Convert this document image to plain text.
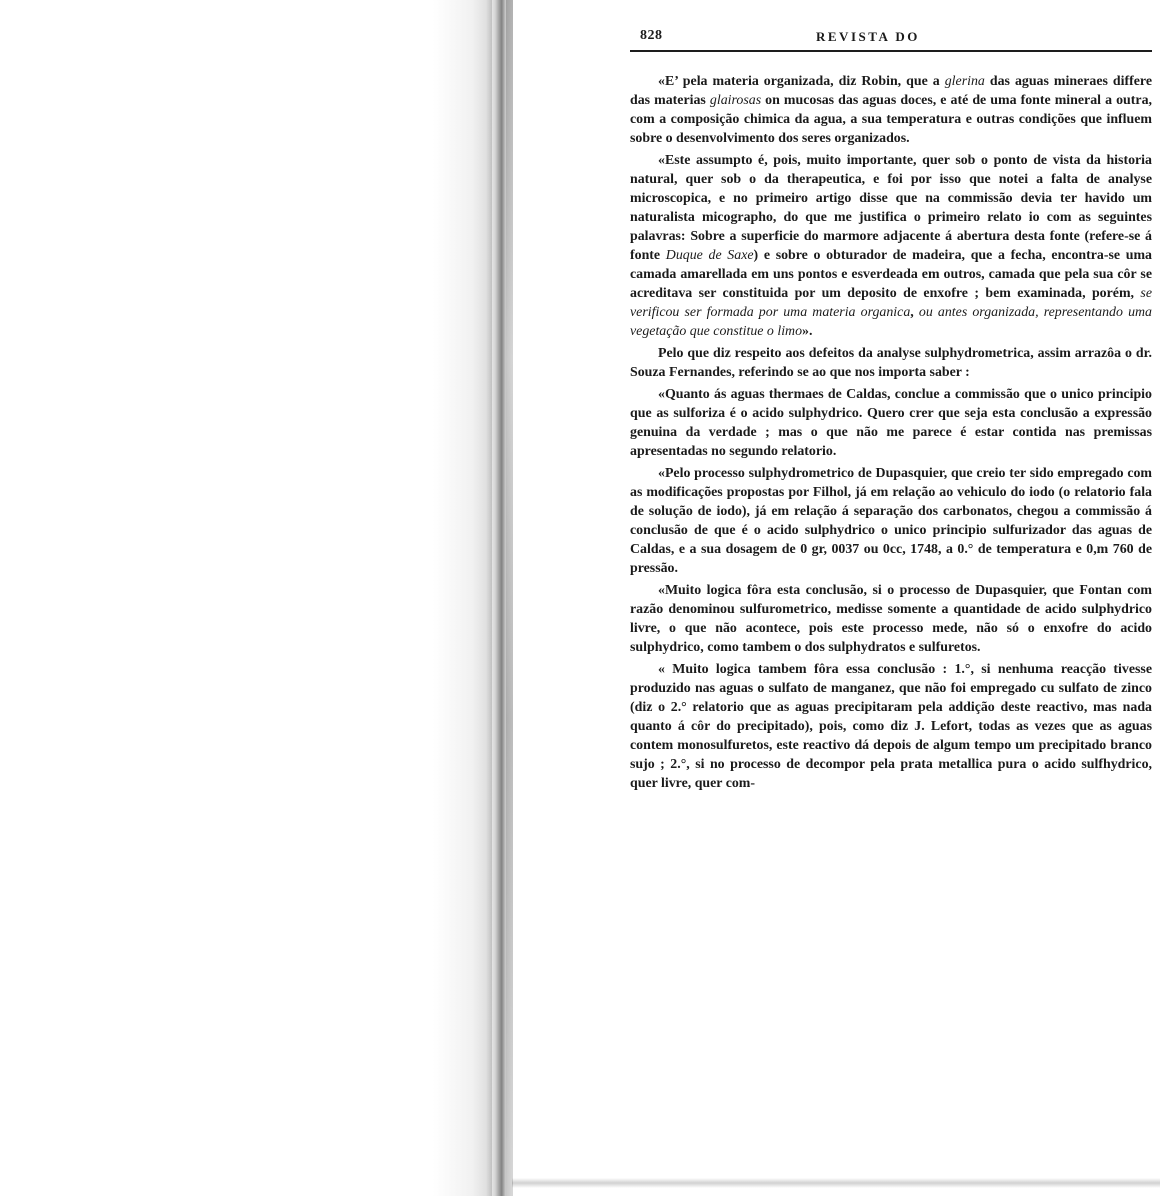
828	REVISTA DO

«E’ pela materia organizada, diz Robin, que a glerina das aguas mineraes differe das materias glairosas on mucosas das aguas doces, e até de uma fonte mineral a outra, com a composição chimica da agua, a sua temperatura e outras condições que influem sobre o desenvolvimento dos seres organizados.

«Este assumpto é, pois, muito importante, quer sob o ponto de vista da historia natural, quer sob o da therapeutica, e foi por isso que notei a falta de analyse microscopica, e no primeiro artigo disse que na commissão devia ter havido um naturalista micographo, do que me justifica o primeiro relato io com as seguintes palavras: Sobre a superficie do marmore adjacente á abertura desta fonte (refere-se á fonte Duque de Saxe) e sobre o obturador de madeira, que a fecha, encontra-se uma camada amarellada em uns pontos e esverdeada em outros, camada que pela sua côr se acreditava ser constituida por um deposito de enxofre ; bem examinada, porém, se verificou ser formada por uma materia organica, ou antes organizada, representando uma vegetação que constitue o limo».

Pelo que diz respeito aos defeitos da analyse sulphydrometrica, assim arrazôa o dr. Souza Fernandes, referindo se ao que nos importa saber :

«Quanto ás aguas thermaes de Caldas, conclue a commissão que o unico principio que as sulforiza é o acido sulphydrico. Quero crer que seja esta conclusão a expressão genuina da verdade ; mas o que não me parece é estar contida nas premissas apresentadas no segundo relatorio.

«Pelo processo sulphydrometrico de Dupasquier, que creio ter sido empregado com as modificações propostas por Filhol, já em relação ao vehiculo do iodo (o relatorio fala de solução de iodo), já em relação á separação dos carbonatos, chegou a commissão á conclusão de que é o acido sulphydrico o unico principio sulfurizador das aguas de Caldas, e a sua dosagem de 0 gr, 0037 ou 0cc, 1748, a 0.° de temperatura e 0,m 760 de pressão.

«Muito logica fôra esta conclusão, si o processo de Dupasquier, que Fontan com razão denominou sulfurometrico, medisse somente a quantidade de acido sulphydrico livre, o que não acontece, pois este processo mede, não só o enxofre do acido sulphydrico, como tambem o dos sulphydratos e sulfuretos.

« Muito logica tambem fôra essa conclusão : 1.°, si nenhuma reacção tivesse produzido nas aguas o sulfato de manganez, que não foi empregado cu sulfato de zinco (diz o 2.° relatorio que as aguas precipitaram pela addição deste reactivo, mas nada quanto á côr do precipitado), pois, como diz J. Lefort, todas as vezes que as aguas contem monosulfuretos, este reactivo dá depois de algum tempo um precipitado branco sujo ; 2.°, si no processo de decompor pela prata metallica pura o acido sulfhydrico, quer livre, quer com-
